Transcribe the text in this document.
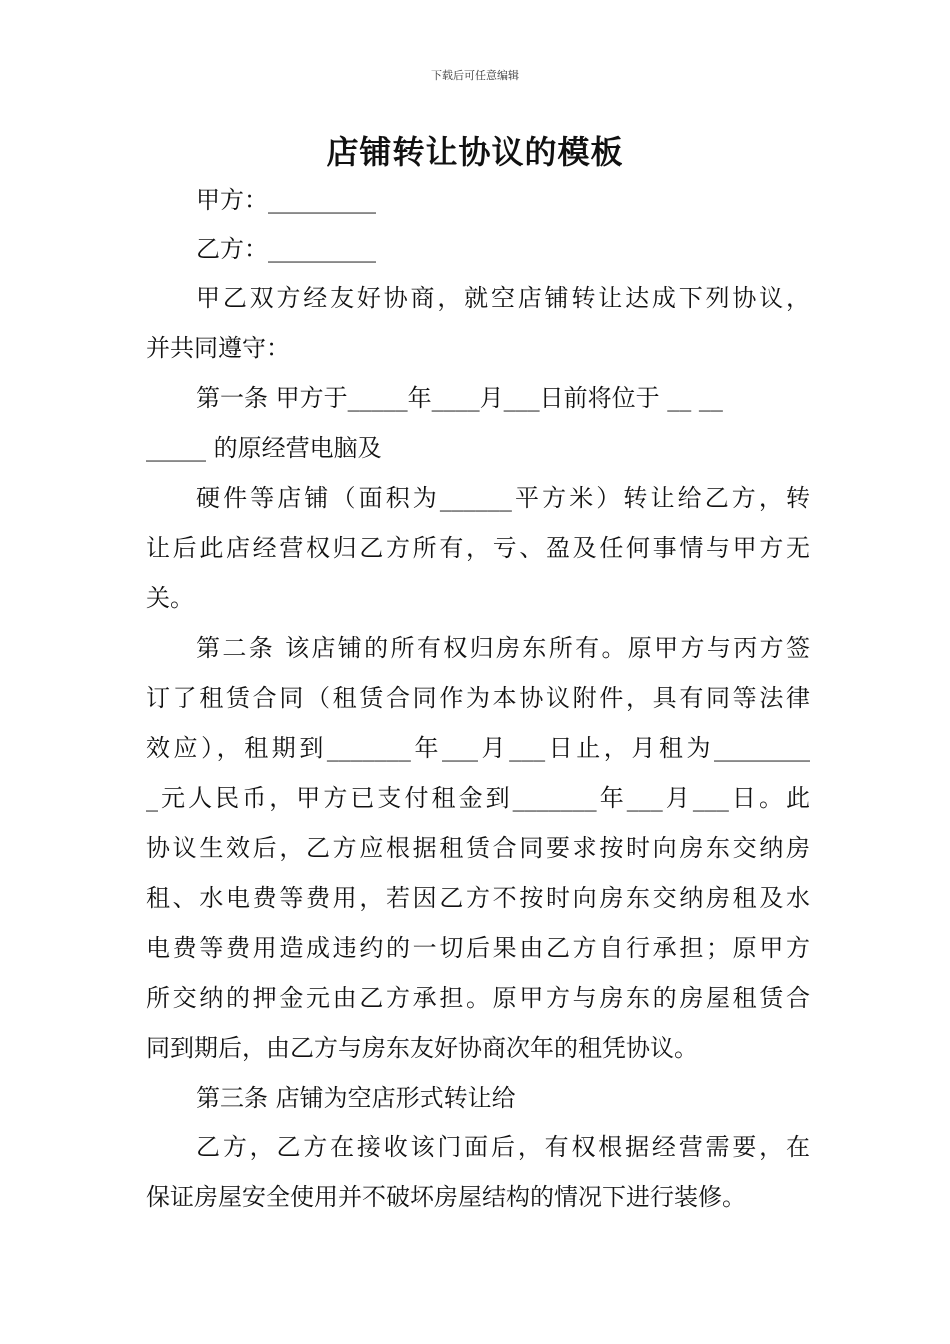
下载后可任意编辑
店铺转让协议的模板
甲方：_________
乙方：_________
甲乙双方经友好协商，就空店铺转让达成下列协议，
并共同遵守：
第一条 甲方于_____年____月___日前将位于 __ __
_____ 的原经营电脑及
硬件等店铺（面积为______平方米）转让给乙方，转
让后此店经营权归乙方所有，亏、盈及任何事情与甲方无
关。
第二条 该店铺的所有权归房东所有。原甲方与丙方签
订了租赁合同（租赁合同作为本协议附件，具有同等法律
效应），租期到_______年___月___日止，月租为________
_元人民币，甲方已支付租金到_______年___月___日。此
协议生效后，乙方应根据租赁合同要求按时向房东交纳房
租、水电费等费用，若因乙方不按时向房东交纳房租及水
电费等费用造成违约的一切后果由乙方自行承担；原甲方
所交纳的押金元由乙方承担。原甲方与房东的房屋租赁合
同到期后，由乙方与房东友好协商次年的租凭协议。
第三条 店铺为空店形式转让给
乙方，乙方在接收该门面后，有权根据经营需要，在
保证房屋安全使用并不破坏房屋结构的情况下进行装修。
